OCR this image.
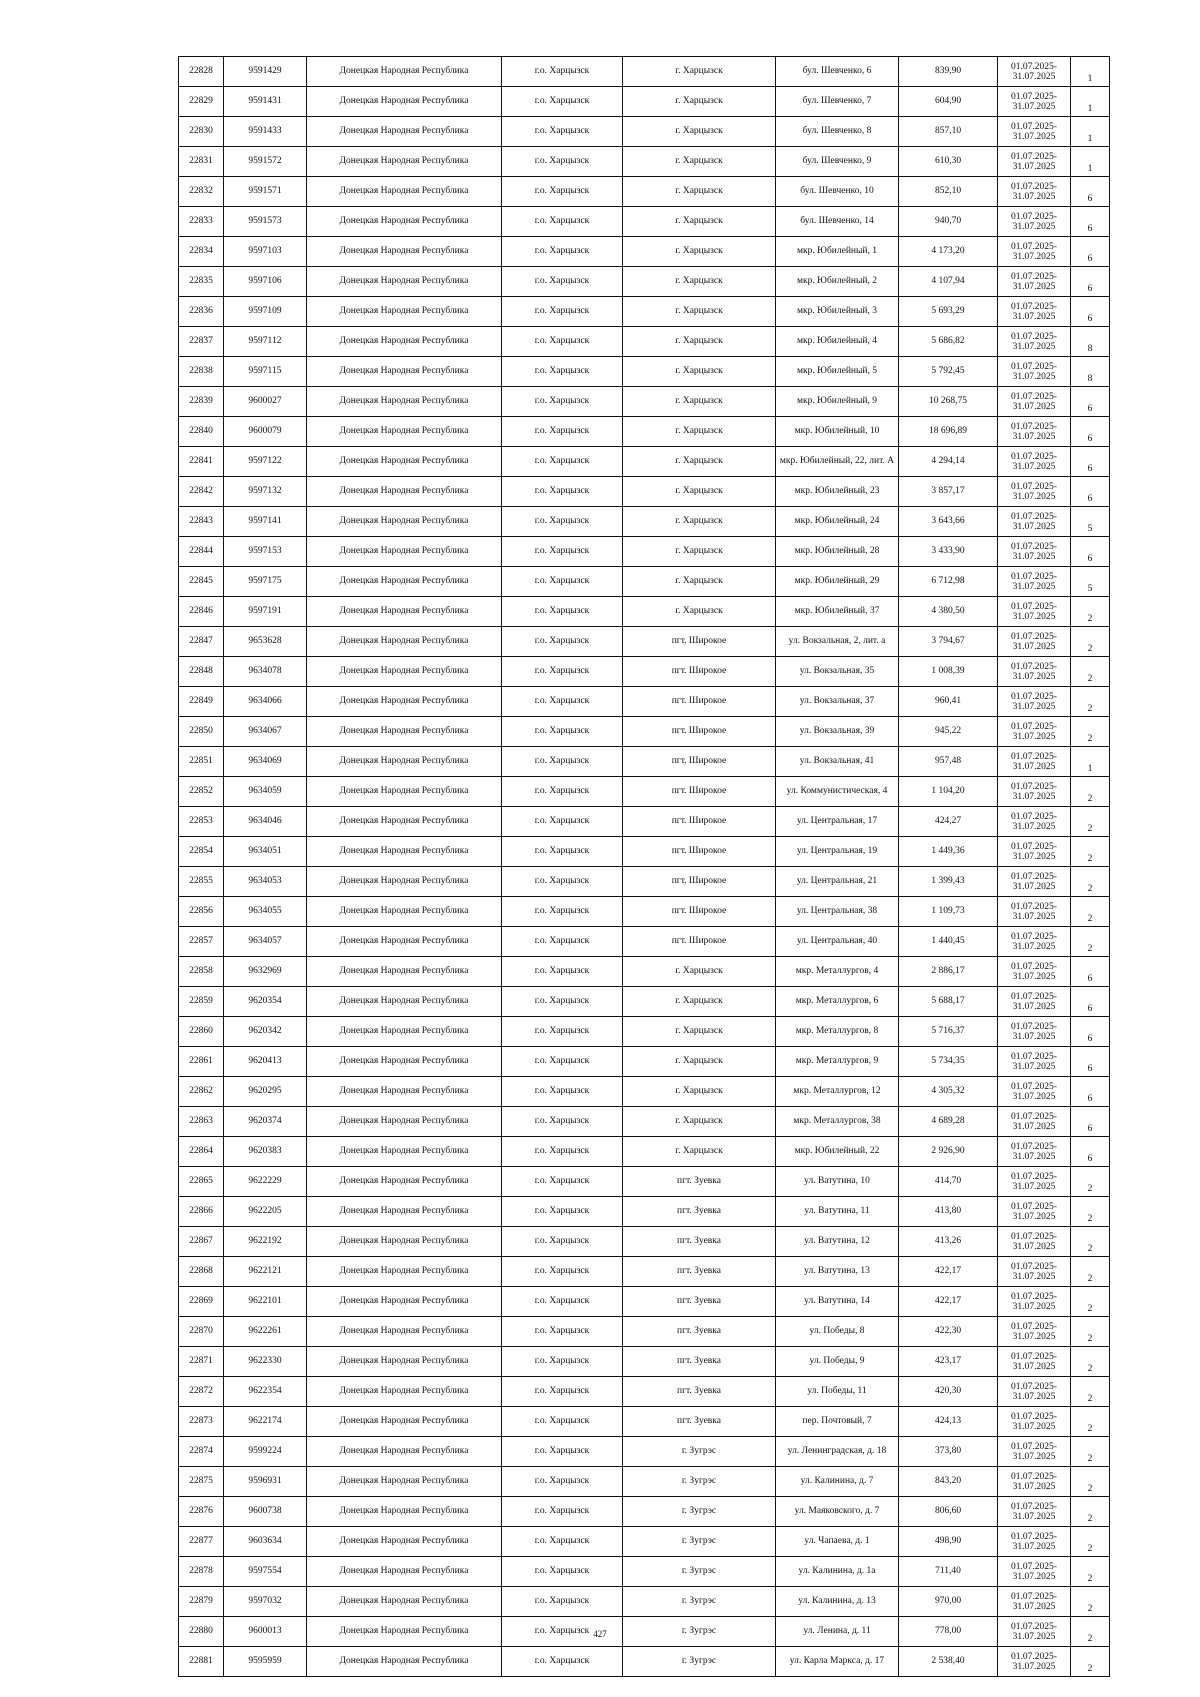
22828	9591429	Донецкая Народная Республика	г.о. Харцызск	г. Харцызск	бул. Шевченко, 6	839,90	01.07.2025-
31.07.2025	1
22829	9591431	Донецкая Народная Республика	г.о. Харцызск	г. Харцызск	бул. Шевченко, 7	604,90	01.07.2025-
31.07.2025	1
22830	9591433	Донецкая Народная Республика	г.о. Харцызск	г. Харцызск	бул. Шевченко, 8	857,10	01.07.2025-
31.07.2025	1
22831	9591572	Донецкая Народная Республика	г.о. Харцызск	г. Харцызск	бул. Шевченко, 9	610,30	01.07.2025-
31.07.2025	1
22832	9591571	Донецкая Народная Республика	г.о. Харцызск	г. Харцызск	бул. Шевченко, 10	852,10	01.07.2025-
31.07.2025	6
22833	9591573	Донецкая Народная Республика	г.о. Харцызск	г. Харцызск	бул. Шевченко, 14	940,70	01.07.2025-
31.07.2025	6
22834	9597103	Донецкая Народная Республика	г.о. Харцызск	г. Харцызск	мкр. Юбилейный, 1	4 173,20	01.07.2025-
31.07.2025	6
22835	9597106	Донецкая Народная Республика	г.о. Харцызск	г. Харцызск	мкр. Юбилейный, 2	4 107,94	01.07.2025-
31.07.2025	6
22836	9597109	Донецкая Народная Республика	г.о. Харцызск	г. Харцызск	мкр. Юбилейный, 3	5 693,29	01.07.2025-
31.07.2025	6
22837	9597112	Донецкая Народная Республика	г.о. Харцызск	г. Харцызск	мкр. Юбилейный, 4	5 686,82	01.07.2025-
31.07.2025	8
22838	9597115	Донецкая Народная Республика	г.о. Харцызск	г. Харцызск	мкр. Юбилейный, 5	5 792,45	01.07.2025-
31.07.2025	8
22839	9600027	Донецкая Народная Республика	г.о. Харцызск	г. Харцызск	мкр. Юбилейный, 9	10 268,75	01.07.2025-
31.07.2025	6
22840	9600079	Донецкая Народная Республика	г.о. Харцызск	г. Харцызск	мкр. Юбилейный, 10	18 696,89	01.07.2025-
31.07.2025	6
22841	9597122	Донецкая Народная Республика	г.о. Харцызск	г. Харцызск	мкр. Юбилейный, 22, лит. А	4 294,14	01.07.2025-
31.07.2025	6
22842	9597132	Донецкая Народная Республика	г.о. Харцызск	г. Харцызск	мкр. Юбилейный, 23	3 857,17	01.07.2025-
31.07.2025	6
22843	9597141	Донецкая Народная Республика	г.о. Харцызск	г. Харцызск	мкр. Юбилейный, 24	3 643,66	01.07.2025-
31.07.2025	5
22844	9597153	Донецкая Народная Республика	г.о. Харцызск	г. Харцызск	мкр. Юбилейный, 28	3 433,90	01.07.2025-
31.07.2025	6
22845	9597175	Донецкая Народная Республика	г.о. Харцызск	г. Харцызск	мкр. Юбилейный, 29	6 712,98	01.07.2025-
31.07.2025	5
22846	9597191	Донецкая Народная Республика	г.о. Харцызск	г. Харцызск	мкр. Юбилейный, 37	4 380,50	01.07.2025-
31.07.2025	2
22847	9653628	Донецкая Народная Республика	г.о. Харцызск	пгт. Широкое	ул. Вокзальная, 2, лит. а	3 794,67	01.07.2025-
31.07.2025	2
22848	9634078	Донецкая Народная Республика	г.о. Харцызск	пгт. Широкое	ул. Вокзальная, 35	1 008,39	01.07.2025-
31.07.2025	2
22849	9634066	Донецкая Народная Республика	г.о. Харцызск	пгт. Широкое	ул. Вокзальная, 37	960,41	01.07.2025-
31.07.2025	2
22850	9634067	Донецкая Народная Республика	г.о. Харцызск	пгт. Широкое	ул. Вокзальная, 39	945,22	01.07.2025-
31.07.2025	2
22851	9634069	Донецкая Народная Республика	г.о. Харцызск	пгт. Широкое	ул. Вокзальная, 41	957,48	01.07.2025-
31.07.2025	1
22852	9634059	Донецкая Народная Республика	г.о. Харцызск	пгт. Широкое	ул. Коммунистическая, 4	1 104,20	01.07.2025-
31.07.2025	2
22853	9634046	Донецкая Народная Республика	г.о. Харцызск	пгт. Широкое	ул. Центральная, 17	424,27	01.07.2025-
31.07.2025	2
22854	9634051	Донецкая Народная Республика	г.о. Харцызск	пгт. Широкое	ул. Центральная, 19	1 449,36	01.07.2025-
31.07.2025	2
22855	9634053	Донецкая Народная Республика	г.о. Харцызск	пгт. Широкое	ул. Центральная, 21	1 399,43	01.07.2025-
31.07.2025	2
22856	9634055	Донецкая Народная Республика	г.о. Харцызск	пгт. Широкое	ул. Центральная, 38	1 109,73	01.07.2025-
31.07.2025	2
22857	9634057	Донецкая Народная Республика	г.о. Харцызск	пгт. Широкое	ул. Центральная, 40	1 440,45	01.07.2025-
31.07.2025	2
22858	9632969	Донецкая Народная Республика	г.о. Харцызск	г. Харцызск	мкр. Металлургов, 4	2 886,17	01.07.2025-
31.07.2025	6
22859	9620354	Донецкая Народная Республика	г.о. Харцызск	г. Харцызск	мкр. Металлургов, 6	5 688,17	01.07.2025-
31.07.2025	6
22860	9620342	Донецкая Народная Республика	г.о. Харцызск	г. Харцызск	мкр. Металлургов, 8	5 716,37	01.07.2025-
31.07.2025	6
22861	9620413	Донецкая Народная Республика	г.о. Харцызск	г. Харцызск	мкр. Металлургов, 9	5 734,35	01.07.2025-
31.07.2025	6
22862	9620295	Донецкая Народная Республика	г.о. Харцызск	г. Харцызск	мкр. Металлургов, 12	4 305,32	01.07.2025-
31.07.2025	6
22863	9620374	Донецкая Народная Республика	г.о. Харцызск	г. Харцызск	мкр. Металлургов, 38	4 689,28	01.07.2025-
31.07.2025	6
22864	9620383	Донецкая Народная Республика	г.о. Харцызск	г. Харцызск	мкр. Юбилейный, 22	2 926,90	01.07.2025-
31.07.2025	6
22865	9622229	Донецкая Народная Республика	г.о. Харцызск	пгт. Зуевка	ул. Ватутина, 10	414,70	01.07.2025-
31.07.2025	2
22866	9622205	Донецкая Народная Республика	г.о. Харцызск	пгт. Зуевка	ул. Ватутина, 11	413,80	01.07.2025-
31.07.2025	2
22867	9622192	Донецкая Народная Республика	г.о. Харцызск	пгт. Зуевка	ул. Ватутина, 12	413,26	01.07.2025-
31.07.2025	2
22868	9622121	Донецкая Народная Республика	г.о. Харцызск	пгт. Зуевка	ул. Ватутина, 13	422,17	01.07.2025-
31.07.2025	2
22869	9622101	Донецкая Народная Республика	г.о. Харцызск	пгт. Зуевка	ул. Ватутина, 14	422,17	01.07.2025-
31.07.2025	2
22870	9622261	Донецкая Народная Республика	г.о. Харцызск	пгт. Зуевка	ул. Победы, 8	422,30	01.07.2025-
31.07.2025	2
22871	9622330	Донецкая Народная Республика	г.о. Харцызск	пгт. Зуевка	ул. Победы, 9	423,17	01.07.2025-
31.07.2025	2
22872	9622354	Донецкая Народная Республика	г.о. Харцызск	пгт. Зуевка	ул. Победы, 11	420,30	01.07.2025-
31.07.2025	2
22873	9622174	Донецкая Народная Республика	г.о. Харцызск	пгт. Зуевка	пер. Почтовый, 7	424,13	01.07.2025-
31.07.2025	2
22874	9599224	Донецкая Народная Республика	г.о. Харцызск	г. Зугрэс	ул. Ленинградская, д. 18	373,80	01.07.2025-
31.07.2025	2
22875	9596931	Донецкая Народная Республика	г.о. Харцызск	г. Зугрэс	ул. Калинина, д. 7	843,20	01.07.2025-
31.07.2025	2
22876	9600738	Донецкая Народная Республика	г.о. Харцызск	г. Зугрэс	ул. Маяковского, д. 7	806,60	01.07.2025-
31.07.2025	2
22877	9603634	Донецкая Народная Республика	г.о. Харцызск	г. Зугрэс	ул. Чапаева, д. 1	498,90	01.07.2025-
31.07.2025	2
22878	9597554	Донецкая Народная Республика	г.о. Харцызск	г. Зугрэс	ул. Калинина, д. 1а	711,40	01.07.2025-
31.07.2025	2
22879	9597032	Донецкая Народная Республика	г.о. Харцызск	г. Зугрэс	ул. Калинина, д. 13	970,00	01.07.2025-
31.07.2025	2
22880	9600013	Донецкая Народная Республика	г.о. Харцызск	г. Зугрэс	ул. Ленина, д. 11	778,00	01.07.2025-
31.07.2025	2
22881	9595959	Донецкая Народная Республика	г.о. Харцызск	г. Зугрэс	ул. Карла Маркса, д. 17	2 538,40	01.07.2025-
31.07.2025	2
427
